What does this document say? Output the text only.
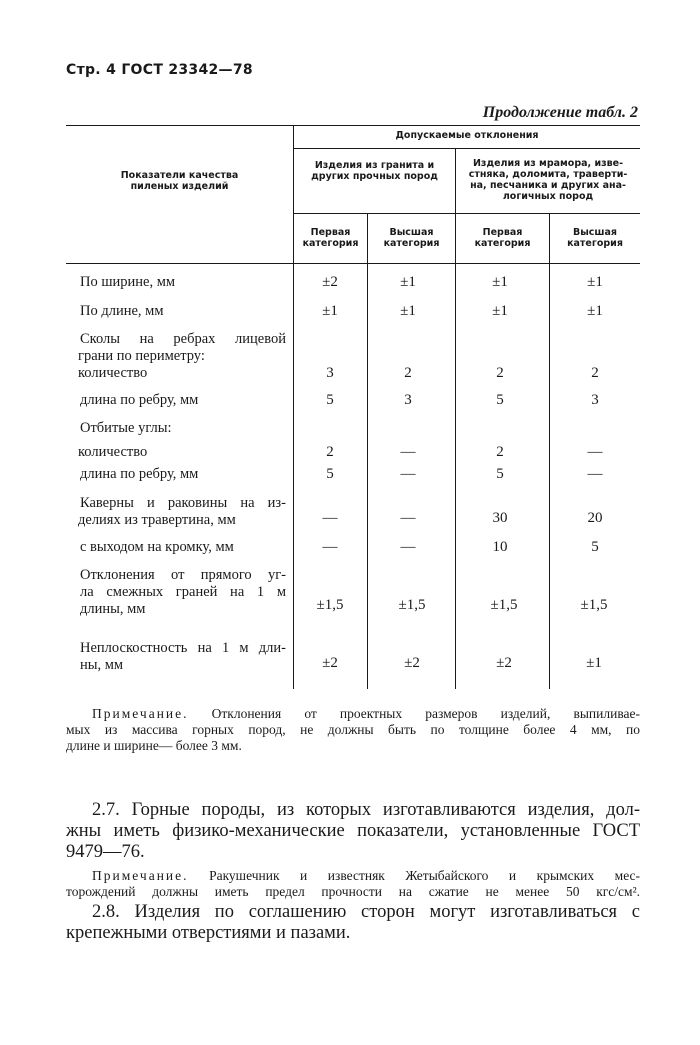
Стр. 4 ГОСТ 23342—78
Продолжение табл. 2
Показатели качества
пиленых изделий
Допускаемые отклонения
Изделия из гранита и
других прочных пород
Изделия из мрамора, изве-
стняка, доломита, траверти-
на, песчаника и других ана-
логичных пород
Первая
категория
Высшая
категория
Первая
категория
Высшая
категория
По ширине, мм	±2	±1	±1	±1
По длине, мм	±1	±1	±1	±1
Сколы на ребрах лицевой
грани по периметру:
количество	3	2	2	2
длина по ребру, мм	5	3	5	3
Отбитые углы:
количество	2	—	2	—
длина по ребру, мм	5	—	5	—
Каверны и раковины на из-
делиях из травертина, мм	—	—	30	20
с выходом на кромку, мм	—	—	10	5
Отклонения от прямого уг-
ла смежных граней на 1 м
длины, мм	±1,5	±1,5	±1,5	±1,5
Неплоскостность на 1 м дли-
ны, мм	±2	±2	±2	±1
Примечание. Отклонения от проектных размеров изделий, выпиливае-
мых из массива горных пород, не должны быть по толщине более 4 мм, по
длине и ширине— более 3 мм.
2.7. Горные породы, из которых изготавливаются изделия, дол-
жны иметь физико-механические показатели, установленные ГОСТ
9479—76.
Примечание. Ракушечник и известняк Жетыбайского и крымских мес-
торождений должны иметь предел прочности на сжатие не менее 50 кгс/см².
2.8. Изделия по соглашению сторон могут изготавливаться с
крепежными отверстиями и пазами.
